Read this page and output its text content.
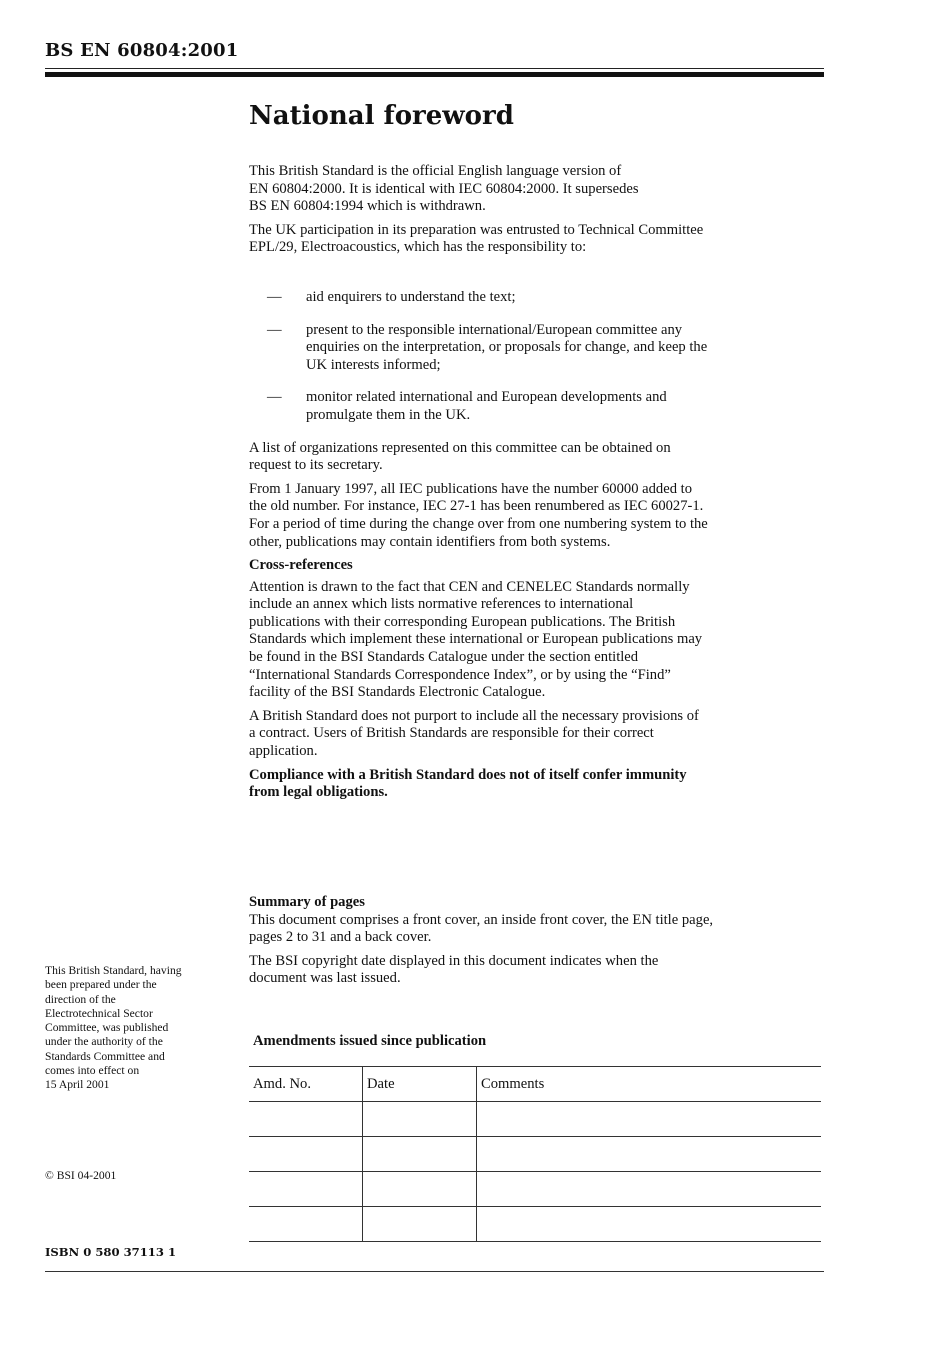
BS EN 60804:2001
National foreword

This British Standard is the official English language version of
EN 60804:2000. It is identical with IEC 60804:2000. It supersedes
BS EN 60804:1994 which is withdrawn.

The UK participation in its preparation was entrusted to Technical Committee
EPL/29, Electroacoustics, which has the responsibility to:

— aid enquirers to understand the text;
— present to the responsible international/European committee any
enquiries on the interpretation, or proposals for change, and keep the
UK interests informed;
— monitor related international and European developments and
promulgate them in the UK.

A list of organizations represented on this committee can be obtained on
request to its secretary.

From 1 January 1997, all IEC publications have the number 60000 added to
the old number. For instance, IEC 27-1 has been renumbered as IEC 60027-1.
For a period of time during the change over from one numbering system to the
other, publications may contain identifiers from both systems.

Cross-references

Attention is drawn to the fact that CEN and CENELEC Standards normally
include an annex which lists normative references to international
publications with their corresponding European publications. The British
Standards which implement these international or European publications may
be found in the BSI Standards Catalogue under the section entitled
“International Standards Correspondence Index”, or by using the “Find”
facility of the BSI Standards Electronic Catalogue.

A British Standard does not purport to include all the necessary provisions of
a contract. Users of British Standards are responsible for their correct
application.

Compliance with a British Standard does not of itself confer immunity
from legal obligations.

Summary of pages

This document comprises a front cover, an inside front cover, the EN title page,
pages 2 to 31 and a back cover.

The BSI copyright date displayed in this document indicates when the
document was last issued.

Amendments issued since publication
Amd. No.	Date	Comments

This British Standard, having
been prepared under the
direction of the
Electrotechnical Sector
Committee, was published
under the authority of the
Standards Committee and
comes into effect on
15 April 2001
© BSI 04-2001
ISBN 0 580 37113 1
